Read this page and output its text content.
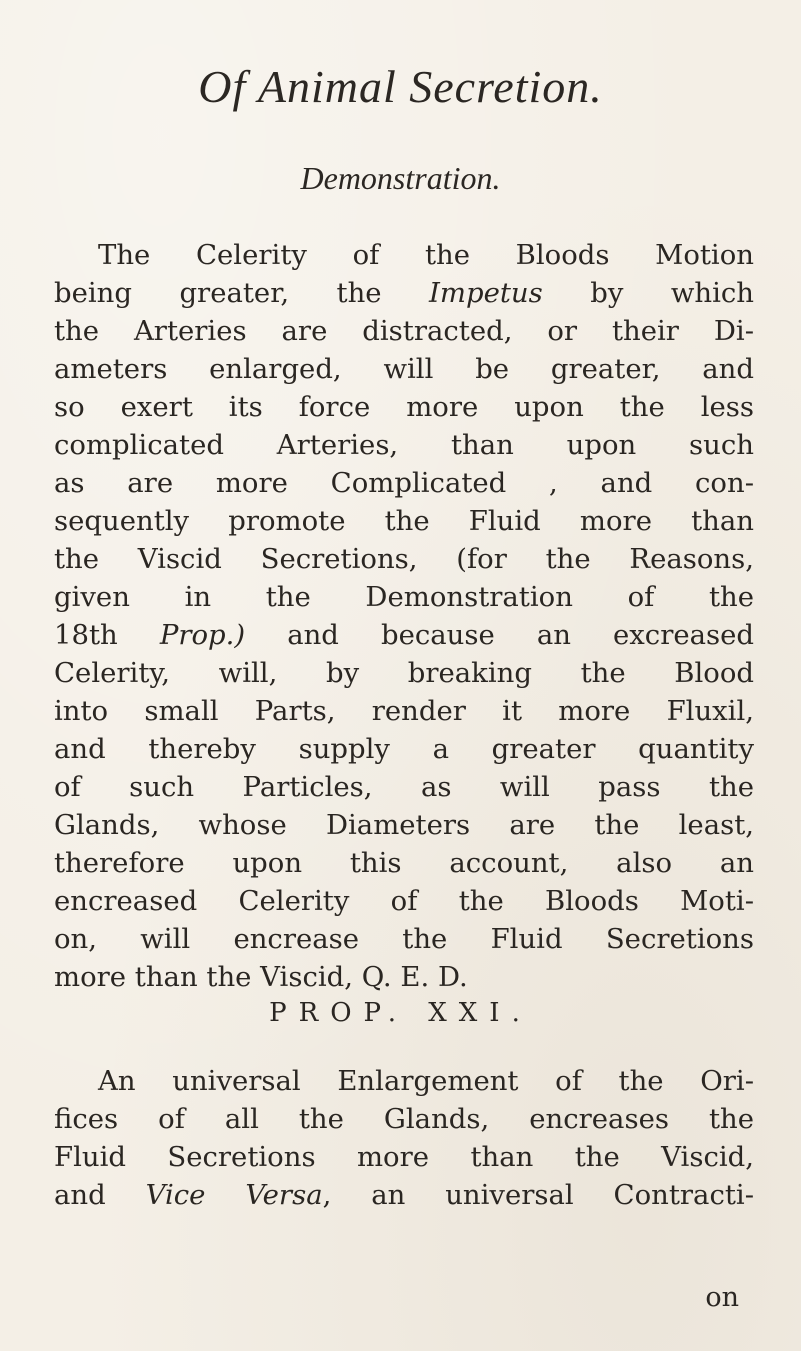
Of Animal Secretion.
Demonstration.
The Celerity of the Bloods Motion
being greater, the Impetus by which
the Arteries are distracted, or their Di-
ameters enlarged, will be greater, and
so exert its force more upon the less
complicated Arteries, than upon such
as are more Complicated , and con-
sequently promote the Fluid more than
the Viscid Secretions, (for the Reasons,
given in the Demonstration of the
18th Prop.) and because an excreased
Celerity, will, by breaking the Blood
into small Parts, render it more Fluxil,
and thereby supply a greater quantity
of such Particles, as will pass the
Glands, whose Diameters are the least,
therefore upon this account, also an
encreased Celerity of the Bloods Moti-
on, will encrease the Fluid Secretions
more than the Viscid, Q. E. D.
PROP. XXI.
An universal Enlargement of the Ori-
fices of all the Glands, encreases the
Fluid Secretions more than the Viscid,
and Vice Versa, an universal Contracti-
on
